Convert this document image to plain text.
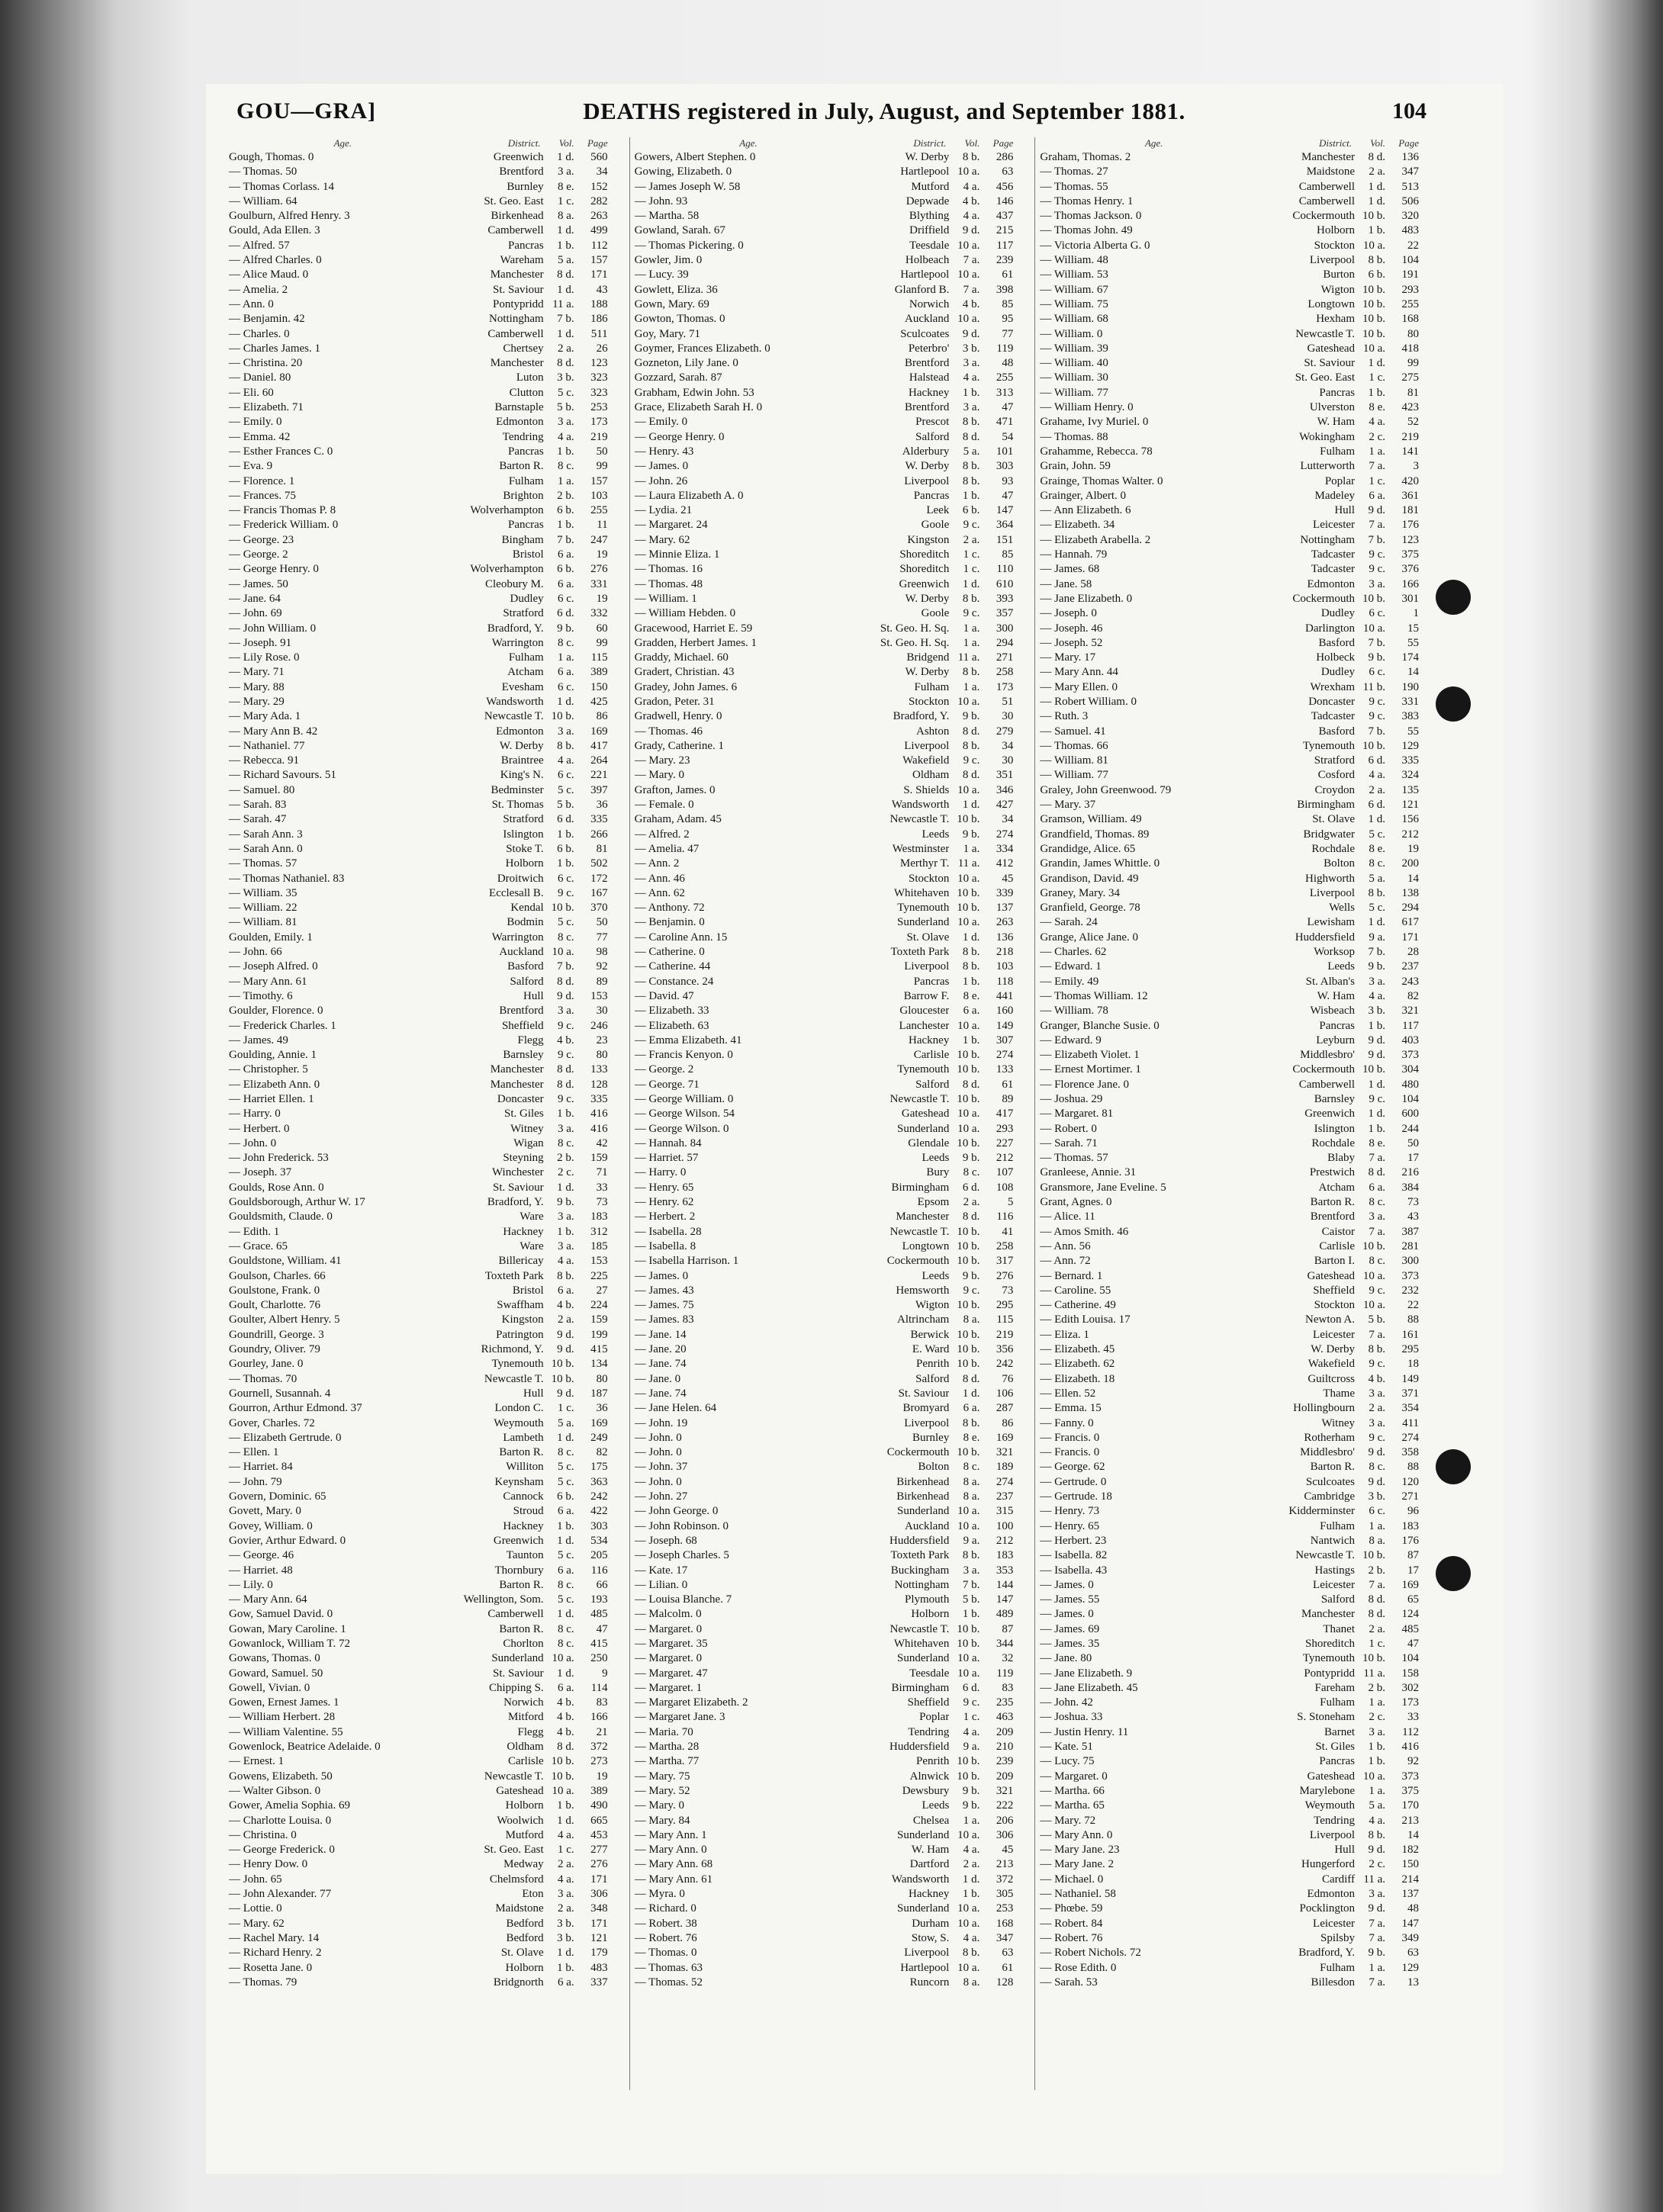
GOU—GRA]	DEATHS registered in July, August, and September 1881.	104
Age.	District.	Vol.	Page
Gough, Thomas. 0	Greenwich	1 d.	560
— Thomas. 50	Brentford	3 a.	34
— Thomas Corlass. 14	Burnley	8 e.	152
— William. 64	St. Geo. East	1 c.	282
Goulburn, Alfred Henry. 3	Birkenhead	8 a.	263
Gould, Ada Ellen. 3	Camberwell	1 d.	499
— Alfred. 57	Pancras	1 b.	112
— Alfred Charles. 0	Wareham	5 a.	157
— Alice Maud. 0	Manchester	8 d.	171
— Amelia. 2	St. Saviour	1 d.	43
— Ann. 0	Pontypridd 11 a.	188
— Benjamin. 42	Nottingham	7 b.	186
— Charles. 0	Camberwell	1 d.	511
— Charles James. 1	Chertsey	2 a.	26
— Christina. 20	Manchester	8 d.	123
— Daniel. 80	Luton	3 b.	323
— Eli. 60	Clutton	5 c.	323
— Elizabeth. 71	Barnstaple	5 b.	253
— Emily. 0	Edmonton	3 a.	173
— Emma. 42	Tendring	4 a.	219
— Esther Frances C. 0	Pancras	1 b.	50
— Eva. 9	Barton R.	8 c.	99
— Florence. 1	Fulham	1 a.	157
— Frances. 75	Brighton	2 b.	103
— Francis Thomas P. 8	Wolverhampton	6 b.	255
— Frederick William. 0	Pancras	1 b.	11
— George. 23	Bingham	7 b.	247
— George. 2	Bristol	6 a.	19
— George Henry. 0	Wolverhampton	6 b.	276
— James. 50	Cleobury M.	6 a.	331
— Jane. 64	Dudley	6 c.	19
— John. 69	Stratford	6 d.	332
— John William. 0	Bradford, Y.	9 b.	60
— Joseph. 91	Warrington	8 c.	99
— Lily Rose. 0	Fulham	1 a.	115
— Mary. 71	Atcham	6 a.	389
— Mary. 88	Evesham	6 c.	150
— Mary. 29	Wandsworth	1 d.	425
— Mary Ada. 1	Newcastle T. 10 b.	86
— Mary Ann B. 42	Edmonton	3 a.	169
— Nathaniel. 77	W. Derby	8 b.	417
— Rebecca. 91	Braintree	4 a.	264
— Richard Savours. 51	King's N.	6 c.	221
— Samuel. 80	Bedminster	5 c.	397
— Sarah. 83	St. Thomas	5 b.	36
— Sarah. 47	Stratford	6 d.	335
— Sarah Ann. 3	Islington	1 b.	266
— Sarah Ann. 0	Stoke T.	6 b.	81
— Thomas. 57	Holborn	1 b.	502
— Thomas Nathaniel. 83	Droitwich	6 c.	172
— William. 35	Ecclesall B.	9 c.	167
— William. 22	Kendal 10 b.	370
— William. 81	Bodmin	5 c.	50
Goulden, Emily. 1	Warrington	8 c.	77
— John. 66	Auckland 10 a.	98
— Joseph Alfred. 0	Basford	7 b.	92
— Mary Ann. 61	Salford	8 d.	89
— Timothy. 6	Hull	9 d.	153
Goulder, Florence. 0	Brentford	3 a.	30
— Frederick Charles. 1	Sheffield	9 c.	246
— James. 49	Flegg	4 b.	23
Goulding, Annie. 1	Barnsley	9 c.	80
— Christopher. 5	Manchester	8 d.	133
— Elizabeth Ann. 0	Manchester	8 d.	128
— Harriet Ellen. 1	Doncaster	9 c.	335
— Harry. 0	St. Giles	1 b.	416
— Herbert. 0	Witney	3 a.	416
— John. 0	Wigan	8 c.	42
— John Frederick. 53	Steyning	2 b.	159
— Joseph. 37	Winchester	2 c.	71
Goulds, Rose Ann. 0	St. Saviour	1 d.	33
Gouldsborough, Arthur W. 17	Bradford, Y.	9 b.	73
Gouldsmith, Claude. 0	Ware	3 a.	183
— Edith. 1	Hackney	1 b.	312
— Grace. 65	Ware	3 a.	185
Gouldstone, William. 41	Billericay	4 a.	153
Goulson, Charles. 66	Toxteth Park	8 b.	225
Goulstone, Frank. 0	Bristol	6 a.	27
Goult, Charlotte. 76	Swaffham	4 b.	224
Goulter, Albert Henry. 5	Kingston	2 a.	159
Goundrill, George. 3	Patrington	9 d.	199
Goundry, Oliver. 79	Richmond, Y.	9 d.	415
Gourley, Jane. 0	Tynemouth 10 b.	134
— Thomas. 70	Newcastle T. 10 b.	80
Gournell, Susannah. 4	Hull	9 d.	187
Gourron, Arthur Edmond. 37	London C.	1 c.	36
Gover, Charles. 72	Weymouth	5 a.	169
— Elizabeth Gertrude. 0	Lambeth	1 d.	249
— Ellen. 1	Barton R.	8 c.	82
— Harriet. 84	Williton	5 c.	175
— John. 79	Keynsham	5 c.	363
Govern, Dominic. 65	Cannock	6 b.	242
Govett, Mary. 0	Stroud	6 a.	422
Govey, William. 0	Hackney	1 b.	303
Govier, Arthur Edward. 0	Greenwich	1 d.	534
— George. 46	Taunton	5 c.	205
— Harriet. 48	Thornbury	6 a.	116
— Lily. 0	Barton R.	8 c.	66
— Mary Ann. 64	Wellington, Som.	5 c.	193
Gow, Samuel David. 0	Camberwell	1 d.	485
Gowan, Mary Caroline. 1	Barton R.	8 c.	47
Gowanlock, William T. 72	Chorlton	8 c.	415
Gowans, Thomas. 0	Sunderland 10 a.	250
Goward, Samuel. 50	St. Saviour	1 d.	9
Gowell, Vivian. 0	Chipping S.	6 a.	114
Gowen, Ernest James. 1	Norwich	4 b.	83
— William Herbert. 28	Mitford	4 b.	166
— William Valentine. 55	Flegg	4 b.	21
Gowenlock, Beatrice Adelaide. 0	Oldham	8 d.	372
— Ernest. 1	Carlisle 10 b.	273
Gowens, Elizabeth. 50	Newcastle T. 10 b.	19
— Walter Gibson. 0	Gateshead 10 a.	389
Gower, Amelia Sophia. 69	Holborn	1 b.	490
— Charlotte Louisa. 0	Woolwich	1 d.	665
— Christina. 0	Mutford	4 a.	453
— George Frederick. 0	St. Geo. East	1 c.	277
— Henry Dow. 0	Medway	2 a.	276
— John. 65	Chelmsford	4 a.	171
— John Alexander. 77	Eton	3 a.	306
— Lottie. 0	Maidstone	2 a.	348
— Mary. 62	Bedford	3 b.	171
— Rachel Mary. 14	Bedford	3 b.	121
— Richard Henry. 2	St. Olave	1 d.	179
— Rosetta Jane. 0	Holborn	1 b.	483
— Thomas. 79	Bridgnorth	6 a.	337
Age.	District.	Vol.	Page
Gowers, Albert Stephen. 0	W. Derby	8 b.	286
Gowing, Elizabeth. 0	Hartlepool 10 a.	63
— James Joseph W. 58	Mutford	4 a.	456
— John. 93	Depwade	4 b.	146
— Martha. 58	Blything	4 a.	437
Gowland, Sarah. 67	Driffield	9 d.	215
— Thomas Pickering. 0	Teesdale 10 a.	117
Gowler, Jim. 0	Holbeach	7 a.	239
— Lucy. 39	Hartlepool 10 a.	61
Gowlett, Eliza. 36	Glanford B.	7 a.	398
Gown, Mary. 69	Norwich	4 b.	85
Gowton, Thomas. 0	Auckland 10 a.	95
Goy, Mary. 71	Sculcoates	9 d.	77
Goymer, Frances Elizabeth. 0	Peterbro'	3 b.	119
Gozneton, Lily Jane. 0	Brentford	3 a.	48
Gozzard, Sarah. 87	Halstead	4 a.	255
Grabham, Edwin John. 53	Hackney	1 b.	313
Grace, Elizabeth Sarah H. 0	Brentford	3 a.	47
— Emily. 0	Prescot	8 b.	471
— George Henry. 0	Salford	8 d.	54
— Henry. 43	Alderbury	5 a.	101
— James. 0	W. Derby	8 b.	303
— John. 26	Liverpool	8 b.	93
— Laura Elizabeth A. 0	Pancras	1 b.	47
— Lydia. 21	Leek	6 b.	147
— Margaret. 24	Goole	9 c.	364
— Mary. 62	Kingston	2 a.	151
— Minnie Eliza. 1	Shoreditch	1 c.	85
— Thomas. 16	Shoreditch	1 c.	110
— Thomas. 48	Greenwich	1 d.	610
— William. 1	W. Derby	8 b.	393
— William Hebden. 0	Goole	9 c.	357
Gracewood, Harriet E. 59	St. Geo. H. Sq.	1 a.	300
Gradden, Herbert James. 1	St. Geo. H. Sq.	1 a.	294
Graddy, Michael. 60	Bridgend 11 a.	271
Gradert, Christian. 43	W. Derby	8 b.	258
Gradey, John James. 6	Fulham	1 a.	173
Gradon, Peter. 31	Stockton 10 a.	51
Gradwell, Henry. 0	Bradford, Y.	9 b.	30
— Thomas. 46	Ashton	8 d.	279
Grady, Catherine. 1	Liverpool	8 b.	34
— Mary. 23	Wakefield	9 c.	30
— Mary. 0	Oldham	8 d.	351
Grafton, James. 0	S. Shields 10 a.	346
— Female. 0	Wandsworth	1 d.	427
Graham, Adam. 45	Newcastle T. 10 b.	34
— Alfred. 2	Leeds	9 b.	274
— Amelia. 47	Westminster	1 a.	334
— Ann. 2	Merthyr T. 11 a.	412
— Ann. 46	Stockton 10 a.	45
— Ann. 62	Whitehaven 10 b.	339
— Anthony. 72	Tynemouth 10 b.	137
— Benjamin. 0	Sunderland 10 a.	263
— Caroline Ann. 15	St. Olave	1 d.	136
— Catherine. 0	Toxteth Park	8 b.	218
— Catherine. 44	Liverpool	8 b.	103
— Constance. 24	Pancras	1 b.	118
— David. 47	Barrow F.	8 e.	441
— Elizabeth. 33	Gloucester	6 a.	160
— Elizabeth. 63	Lanchester 10 a.	149
— Emma Elizabeth. 41	Hackney	1 b.	307
— Francis Kenyon. 0	Carlisle 10 b.	274
— George. 2	Tynemouth 10 b.	133
— George. 71	Salford	8 d.	61
— George William. 0	Newcastle T. 10 b.	89
— George Wilson. 54	Gateshead 10 a.	417
— George Wilson. 0	Sunderland 10 a.	293
— Hannah. 84	Glendale 10 b.	227
— Harriet. 57	Leeds	9 b.	212
— Harry. 0	Bury	8 c.	107
— Henry. 65	Birmingham	6 d.	108
— Henry. 62	Epsom	2 a.	5
— Herbert. 2	Manchester	8 d.	116
— Isabella. 28	Newcastle T. 10 b.	41
— Isabella. 8	Longtown 10 b.	258
— Isabella Harrison. 1	Cockermouth 10 b.	317
— James. 0	Leeds	9 b.	276
— James. 43	Hemsworth	9 c.	73
— James. 75	Wigton 10 b.	295
— James. 83	Altrincham	8 a.	115
— Jane. 14	Berwick 10 b.	219
— Jane. 20	E. Ward 10 b.	356
— Jane. 74	Penrith 10 b.	242
— Jane. 0	Salford	8 d.	76
— Jane. 74	St. Saviour	1 d.	106
— Jane Helen. 64	Bromyard	6 a.	287
— John. 19	Liverpool	8 b.	86
— John. 0	Burnley	8 e.	169
— John. 0	Cockermouth 10 b.	321
— John. 37	Bolton	8 c.	189
— John. 0	Birkenhead	8 a.	274
— John. 27	Birkenhead	8 a.	237
— John George. 0	Sunderland 10 a.	315
— John Robinson. 0	Auckland 10 a.	100
— Joseph. 68	Huddersfield	9 a.	212
— Joseph Charles. 5	Toxteth Park	8 b.	183
— Kate. 17	Buckingham	3 a.	353
— Lilian. 0	Nottingham	7 b.	144
— Louisa Blanche. 7	Plymouth	5 b.	147
— Malcolm. 0	Holborn	1 b.	489
— Margaret. 0	Newcastle T. 10 b.	87
— Margaret. 35	Whitehaven 10 b.	344
— Margaret. 0	Sunderland 10 a.	32
— Margaret. 47	Teesdale 10 a.	119
— Margaret. 1	Birmingham	6 d.	83
— Margaret Elizabeth. 2	Sheffield	9 c.	235
— Margaret Jane. 3	Poplar	1 c.	463
— Maria. 70	Tendring	4 a.	209
— Martha. 28	Huddersfield	9 a.	210
— Martha. 77	Penrith 10 b.	239
— Mary. 75	Alnwick 10 b.	209
— Mary. 52	Dewsbury	9 b.	321
— Mary. 0	Leeds	9 b.	222
— Mary. 84	Chelsea	1 a.	206
— Mary Ann. 1	Sunderland 10 a.	306
— Mary Ann. 0	W. Ham	4 a.	45
— Mary Ann. 68	Dartford	2 a.	213
— Mary Ann. 61	Wandsworth	1 d.	372
— Myra. 0	Hackney	1 b.	305
— Richard. 0	Sunderland 10 a.	253
— Robert. 38	Durham 10 a.	168
— Robert. 76	Stow, S.	4 a.	347
— Thomas. 0	Liverpool	8 b.	63
— Thomas. 63	Hartlepool 10 a.	61
— Thomas. 52	Runcorn	8 a.	128
Age.	District.	Vol.	Page
Graham, Thomas. 2	Manchester	8 d.	136
— Thomas. 27	Maidstone	2 a.	347
— Thomas. 55	Camberwell	1 d.	513
— Thomas Henry. 1	Camberwell	1 d.	506
— Thomas Jackson. 0	Cockermouth 10 b.	320
— Thomas John. 49	Holborn	1 b.	483
— Victoria Alberta G. 0	Stockton 10 a.	22
— William. 48	Liverpool	8 b.	104
— William. 53	Burton	6 b.	191
— William. 67	Wigton 10 b.	293
— William. 75	Longtown 10 b.	255
— William. 68	Hexham 10 b.	168
— William. 0	Newcastle T. 10 b.	80
— William. 39	Gateshead 10 a.	418
— William. 40	St. Saviour	1 d.	99
— William. 30	St. Geo. East	1 c.	275
— William. 77	Pancras	1 b.	81
— William Henry. 0	Ulverston	8 e.	423
Grahame, Ivy Muriel. 0	W. Ham	4 a.	52
— Thomas. 88	Wokingham	2 c.	219
Grahamme, Rebecca. 78	Fulham	1 a.	141
Grain, John. 59	Lutterworth	7 a.	3
Grainge, Thomas Walter. 0	Poplar	1 c.	420
Grainger, Albert. 0	Madeley	6 a.	361
— Ann Elizabeth. 6	Hull	9 d.	181
— Elizabeth. 34	Leicester	7 a.	176
— Elizabeth Arabella. 2	Nottingham	7 b.	123
— Hannah. 79	Tadcaster	9 c.	375
— James. 68	Tadcaster	9 c.	376
— Jane. 58	Edmonton	3 a.	166
— Jane Elizabeth. 0	Cockermouth 10 b.	301
— Joseph. 0	Dudley	6 c.	1
— Joseph. 46	Darlington 10 a.	15
— Joseph. 52	Basford	7 b.	55
— Mary. 17	Holbeck	9 b.	174
— Mary Ann. 44	Dudley	6 c.	14
— Mary Ellen. 0	Wrexham 11 b.	190
— Robert William. 0	Doncaster	9 c.	331
— Ruth. 3	Tadcaster	9 c.	383
— Samuel. 41	Basford	7 b.	55
— Thomas. 66	Tynemouth 10 b.	129
— William. 81	Stratford	6 d.	335
— William. 77	Cosford	4 a.	324
Graley, John Greenwood. 79	Croydon	2 a.	135
— Mary. 37	Birmingham	6 d.	121
Gramson, William. 49	St. Olave	1 d.	156
Grandfield, Thomas. 89	Bridgwater	5 c.	212
Grandidge, Alice. 65	Rochdale	8 e.	19
Grandin, James Whittle. 0	Bolton	8 c.	200
Grandison, David. 49	Highworth	5 a.	14
Graney, Mary. 34	Liverpool	8 b.	138
Granfield, George. 78	Wells	5 c.	294
— Sarah. 24	Lewisham	1 d.	617
Grange, Alice Jane. 0	Huddersfield	9 a.	171
— Charles. 62	Worksop	7 b.	28
— Edward. 1	Leeds	9 b.	237
— Emily. 49	St. Alban's	3 a.	243
— Thomas William. 12	W. Ham	4 a.	82
— William. 78	Wisbeach	3 b.	321
Granger, Blanche Susie. 0	Pancras	1 b.	117
— Edward. 9	Leyburn	9 d.	403
— Elizabeth Violet. 1	Middlesbro'	9 d.	373
— Ernest Mortimer. 1	Cockermouth 10 b.	304
— Florence Jane. 0	Camberwell	1 d.	480
— Joshua. 29	Barnsley	9 c.	104
— Margaret. 81	Greenwich	1 d.	600
— Robert. 0	Islington	1 b.	244
— Sarah. 71	Rochdale	8 e.	50
— Thomas. 57	Blaby	7 a.	17
Granleese, Annie. 31	Prestwich	8 d.	216
Gransmore, Jane Eveline. 5	Atcham	6 a.	384
Grant, Agnes. 0	Barton R.	8 c.	73
— Alice. 11	Brentford	3 a.	43
— Amos Smith. 46	Caistor	7 a.	387
— Ann. 56	Carlisle 10 b.	281
— Ann. 72	Barton I.	8 c.	300
— Bernard. 1	Gateshead 10 a.	373
— Caroline. 55	Sheffield	9 c.	232
— Catherine. 49	Stockton 10 a.	22
— Edith Louisa. 17	Newton A.	5 b.	88
— Eliza. 1	Leicester	7 a.	161
— Elizabeth. 45	W. Derby	8 b.	295
— Elizabeth. 62	Wakefield	9 c.	18
— Elizabeth. 18	Guiltcross	4 b.	149
— Ellen. 52	Thame	3 a.	371
— Emma. 15	Hollingbourn	2 a.	354
— Fanny. 0	Witney	3 a.	411
— Francis. 0	Rotherham	9 c.	274
— Francis. 0	Middlesbro'	9 d.	358
— George. 62	Barton R.	8 c.	88
— Gertrude. 0	Sculcoates	9 d.	120
— Gertrude. 18	Cambridge	3 b.	271
— Henry. 73	Kidderminster	6 c.	96
— Henry. 65	Fulham	1 a.	183
— Herbert. 23	Nantwich	8 a.	176
— Isabella. 82	Newcastle T. 10 b.	87
— Isabella. 43	Hastings	2 b.	17
— James. 0	Leicester	7 a.	169
— James. 55	Salford	8 d.	65
— James. 0	Manchester	8 d.	124
— James. 69	Thanet	2 a.	485
— James. 35	Shoreditch	1 c.	47
— Jane. 80	Tynemouth 10 b.	104
— Jane Elizabeth. 9	Pontypridd 11 a.	158
— Jane Elizabeth. 45	Fareham	2 b.	302
— John. 42	Fulham	1 a.	173
— Joshua. 33	S. Stoneham	2 c.	33
— Justin Henry. 11	Barnet	3 a.	112
— Kate. 51	St. Giles	1 b.	416
— Lucy. 75	Pancras	1 b.	92
— Margaret. 0	Gateshead 10 a.	373
— Martha. 66	Marylebone	1 a.	375
— Martha. 65	Weymouth	5 a.	170
— Mary. 72	Tendring	4 a.	213
— Mary Ann. 0	Liverpool	8 b.	14
— Mary Jane. 23	Hull	9 d.	182
— Mary Jane. 2	Hungerford	2 c.	150
— Michael. 0	Cardiff 11 a.	214
— Nathaniel. 58	Edmonton	3 a.	137
— Phœbe. 59	Pocklington	9 d.	48
— Robert. 84	Leicester	7 a.	147
— Robert. 76	Spilsby	7 a.	349
— Robert Nichols. 72	Bradford, Y.	9 b.	63
— Rose Edith. 0	Fulham	1 a.	129
— Sarah. 53	Billesdon	7 a.	13
